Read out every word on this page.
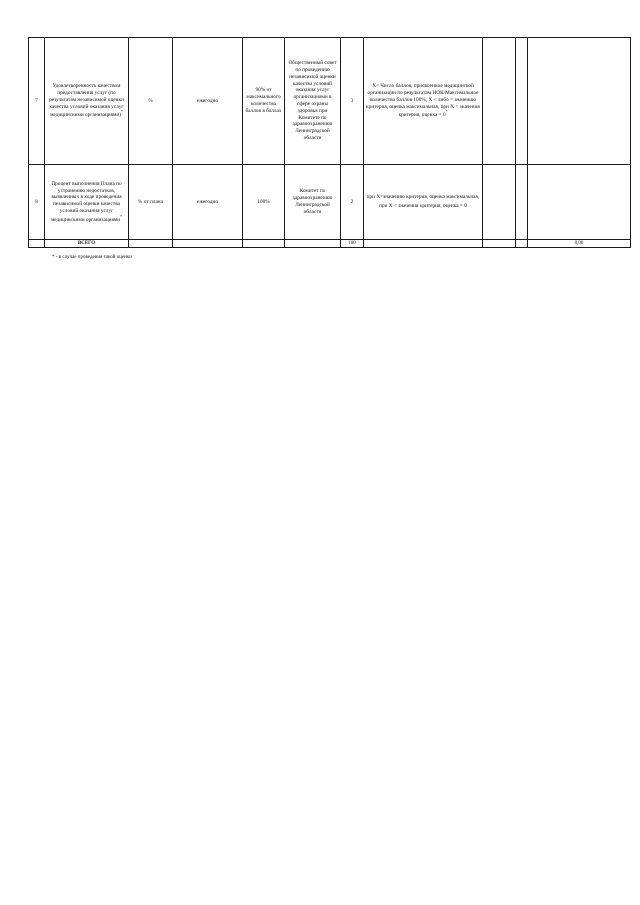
7	Удовлетворенность качеством предоставления услуг (по результатам независимой оценки качества условий оказания услуг медицинскими организациями)*	%	ежегодно	90% от максимального количества баллов в баллах	Общественный совет по проведению независимой оценки качества условий оказания услуг организациями в сфере охраны здоровья при Комитете по здравоохранению Ленинградской области	3	Х= Число баллов, присвоенное медицинской организации по результатам НОК/Максимальное количество баллов 100%, Х < либо = значению критерия, оценка максимальная, при Х < значения критерия, оценка = 0*			
8	Процент выполнения Плана по устранению недостатков, выявленных в ходе проведения независимой оценки качества условий оказания услуг медицинскими организациями*	% от плана	ежегодно	100%	Комитет по здравоохранению Ленинградской области	2	при Х=значению критерия, оценка максимальная, при Х < значения критерия, оценка = 0			
	ВСЕГО					100				0,00
* - в случае проведения такой оценки
